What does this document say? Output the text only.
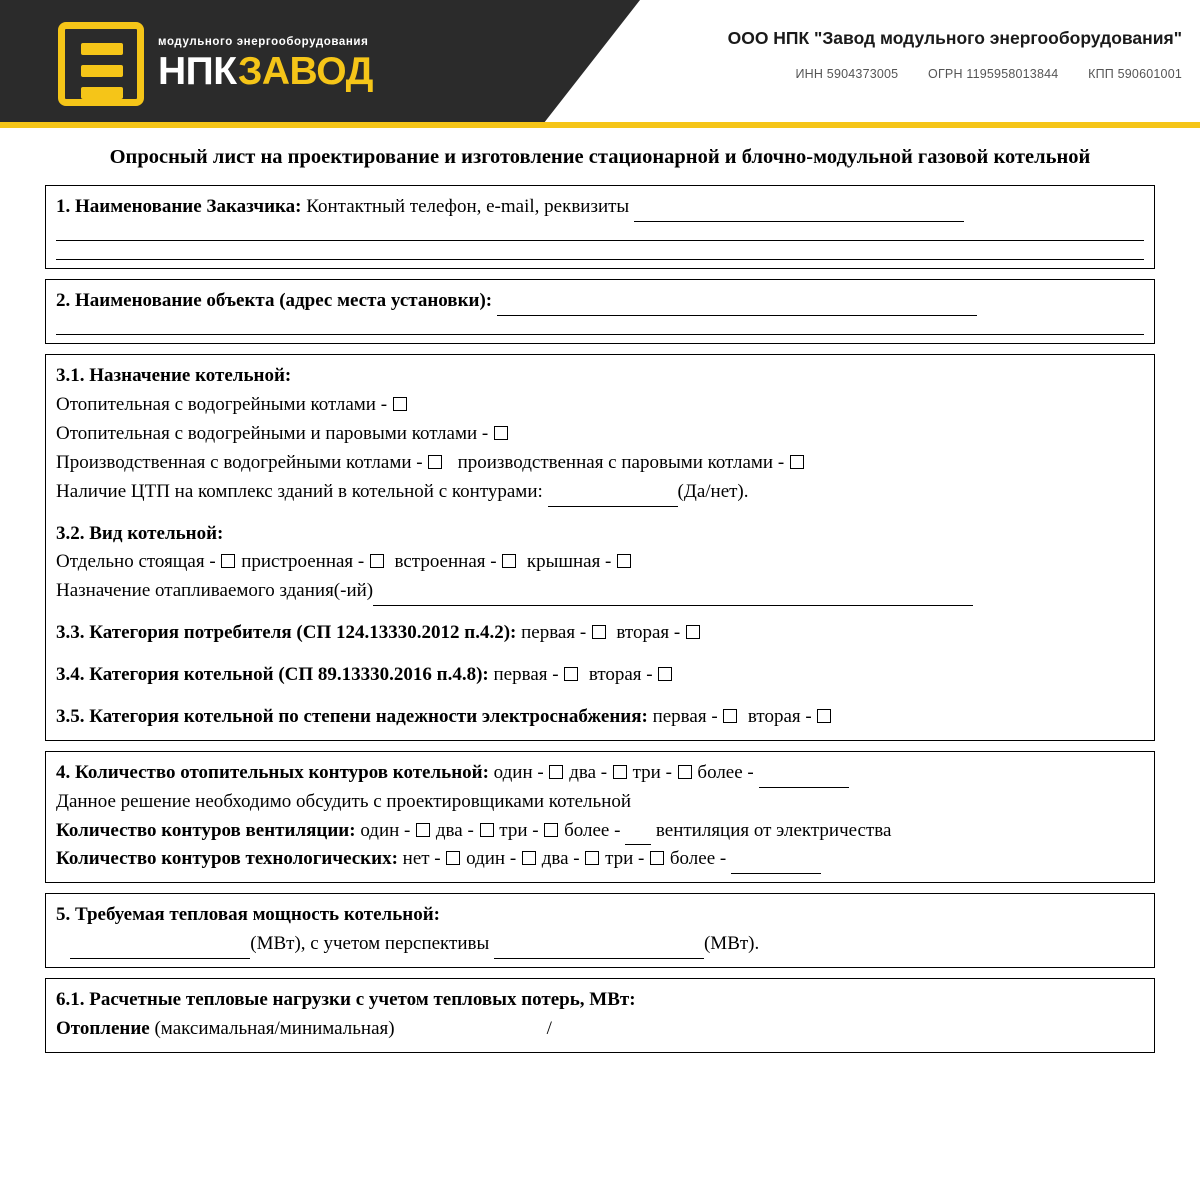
модульного энергооборудования
НПКЗАВОД
ООО НПК "Завод модульного энергооборудования"
ИНН 5904373005 ОГРН 1195958013844 КПП 590601001
Опросный лист на проектирование и изготовление стационарной и блочно-модульной газовой котельной
1. Наименование Заказчика: Контактный телефон, e-mail, реквизиты
2. Наименование объекта (адрес места установки):
3.1. Назначение котельной:
Отопительная с водогрейными котлами -
Отопительная с водогрейными и паровыми котлами -
Производственная с водогрейными котлами - производственная с паровыми котлами -
Наличие ЦТП на комплекс зданий в котельной с контурами:	(Да/нет).
3.2. Вид котельной:
Отдельно стоящая - пристроенная - встроенная - крышная -
Назначение отапливаемого здания(-ий)
3.3. Категория потребителя (СП 124.13330.2012 п.4.2): первая - вторая -
3.4. Категория котельной (СП 89.13330.2016 п.4.8): первая - вторая -
3.5. Категория котельной по степени надежности электроснабжения: первая - вторая -
4. Количество отопительных контуров котельной: один - два - три - более -
Данное решение необходимо обсудить с проектировщиками котельной
Количество контуров вентиляции: один - два - три - более - вентиляция от электричества
Количество контуров технологических: нет - один - два - три - более -
5. Требуемая тепловая мощность котельной:
(МВт), с учетом перспективы	(МВт).
6.1. Расчетные тепловые нагрузки с учетом тепловых потерь, МВт:
Отопление (максимальная/минимальная)	/
